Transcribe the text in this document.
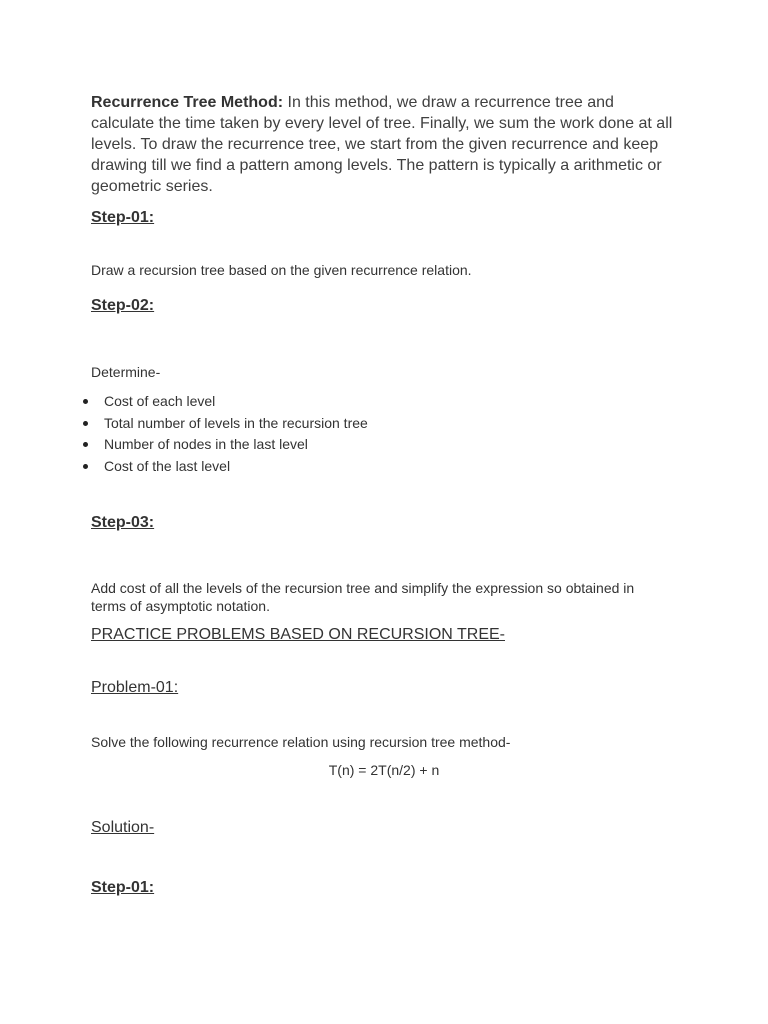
Recurrence Tree Method: In this method, we draw a recurrence tree and calculate the time taken by every level of tree. Finally, we sum the work done at all levels. To draw the recurrence tree, we start from the given recurrence and keep drawing till we find a pattern among levels. The pattern is typically a arithmetic or geometric series.
Step-01:
Draw a recursion tree based on the given recurrence relation.
Step-02:
Determine-
Cost of each level
Total number of levels in the recursion tree
Number of nodes in the last level
Cost of the last level
Step-03:
Add cost of all the levels of the recursion tree and simplify the expression so obtained in terms of asymptotic notation.
PRACTICE PROBLEMS BASED ON RECURSION TREE-
Problem-01:
Solve the following recurrence relation using recursion tree method-
T(n) = 2T(n/2) + n
Solution-
Step-01:
